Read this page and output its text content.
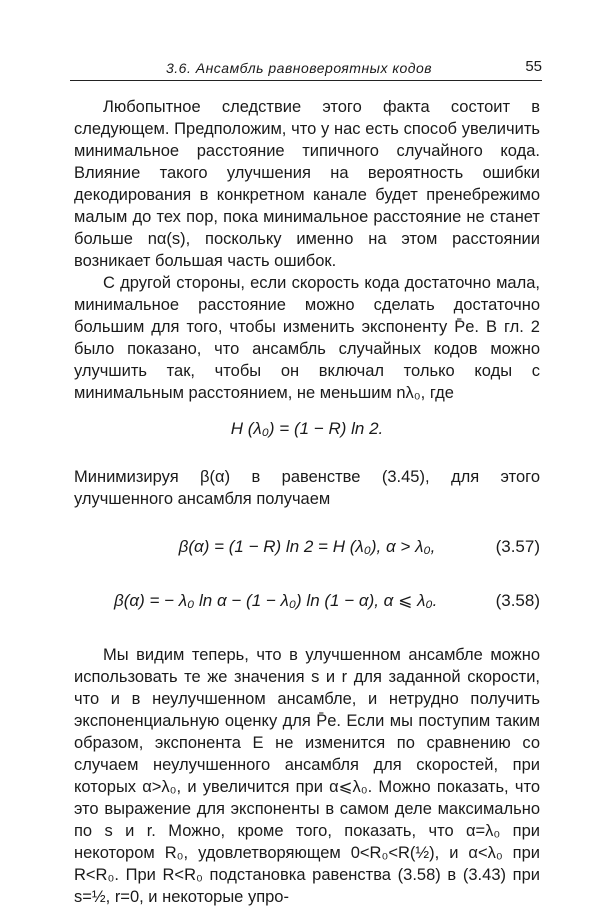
3.6. Ансамбль равновероятных кодов	55

Любопытное следствие этого факта состоит в следующем. Предположим, что у нас есть способ увеличить минимальное расстояние типичного случайного кода. Влияние такого улучшения на вероятность ошибки декодирования в конкретном канале будет пренебрежимо малым до тех пор, пока минимальное расстояние не станет больше nα(s), поскольку именно на этом расстоянии возникает большая часть ошибок.

С другой стороны, если скорость кода достаточно мала, минимальное расстояние можно сделать достаточно большим для того, чтобы изменить экспоненту P̄e. В гл. 2 было показано, что ансамбль случайных кодов можно улучшить так, чтобы он включал только коды с минимальным расстоянием, не меньшим nλ₀, где

H (λ₀) = (1 − R) ln 2.

Минимизируя β(α) в равенстве (3.45), для этого улучшенного ансамбля получаем

β(α) = (1 − R) ln 2 = H (λ₀), α > λ₀,	(3.57)
β(α) = − λ₀ ln α − (1 − λ₀) ln (1 − α), α ⩽ λ₀.	(3.58)

Мы видим теперь, что в улучшенном ансамбле можно использовать те же значения s и r для заданной скорости, что и в неулучшенном ансамбле, и нетрудно получить экспоненциальную оценку для P̄e. Если мы поступим таким образом, экспонента E не изменится по сравнению со случаем неулучшенного ансамбля для скоростей, при которых α>λ₀, и увеличится при α⩽λ₀. Можно показать, что это выражение для экспоненты в самом деле максимально по s и r. Можно, кроме того, показать, что α=λ₀ при некотором R₀, удовлетворяющем 0<R₀<R(½), и α<λ₀ при R<R₀. При R<R₀ подстановка равенства (3.58) в (3.43) при s=½, r=0, и некоторые упро-
